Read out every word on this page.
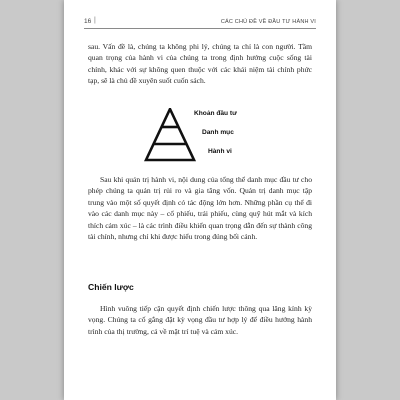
16 |	CÁC CHỦ ĐỀ VỀ ĐẦU TƯ HÀNH VI

sau. Vấn đề là, chúng ta không phi lý, chúng ta chỉ là con người. Tầm quan trọng của hành vi của chúng ta trong định hướng cuộc sống tài chính, khác với sự không quen thuộc với các khái niệm tài chính phức tạp, sẽ là chủ đề xuyên suốt cuốn sách.

Khoản đầu tư
Danh mục
Hành vi

Sau khi quản trị hành vi, nội dung của tổng thể danh mục đầu tư cho phép chúng ta quản trị rủi ro và gia tăng vốn. Quản trị danh mục tập trung vào một số quyết định có tác động lớn hơn. Những phần cụ thể đi vào các danh mục này – cổ phiếu, trái phiếu, cùng quỹ hút mắt và kích thích cảm xúc – là các trình điều khiển quan trọng dẫn đến sự thành công tài chính, nhưng chỉ khi được hiểu trong đúng bối cảnh.

Chiến lược

Hình vuông tiếp cận quyết định chiến lược thông qua lăng kính kỳ vọng. Chúng ta cố gắng đặt kỳ vọng đầu tư hợp lý để điều hướng hành trình của thị trường, cả về mặt trí tuệ và cảm xúc.
